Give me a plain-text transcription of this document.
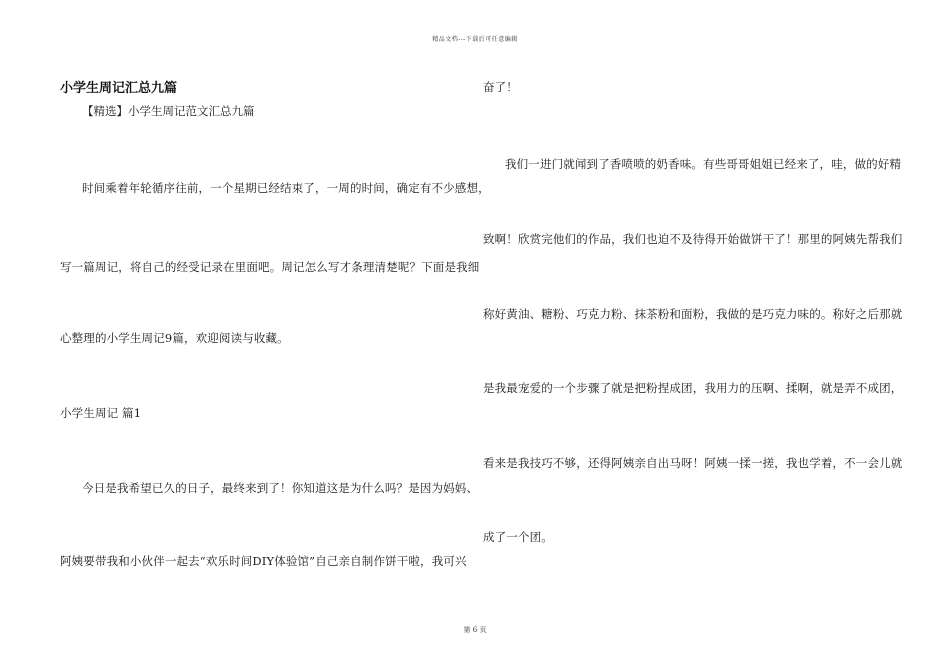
精品文档---下载后可任意编辑
小学生周记汇总九篇
【精选】小学生周记范文汇总九篇
时间乘着年轮循序往前，一个星期已经结束了，一周的时间，确定有不少感想，
写一篇周记，将自己的经受记录在里面吧。周记怎么写才条理清楚呢？下面是我细
心整理的小学生周记9篇，欢迎阅读与收藏。
小学生周记 篇1
今日是我希望已久的日子，最终来到了！你知道这是为什么吗？是因为妈妈、
阿姨要带我和小伙伴一起去“欢乐时间DIY体验馆”自己亲自制作饼干啦，我可兴
奋了！
我们一进门就闻到了香喷喷的奶香味。有些哥哥姐姐已经来了，哇，做的好精
致啊！欣赏完他们的作品，我们也迫不及待得开始做饼干了！那里的阿姨先帮我们
称好黄油、糖粉、巧克力粉、抹茶粉和面粉，我做的是巧克力味的。称好之后那就
是我最宠爱的一个步骤了就是把粉捏成团，我用力的压啊、揉啊，就是弄不成团，
看来是我技巧不够，还得阿姨亲自出马呀！阿姨一揉一搓，我也学着，不一会儿就
成了一个团。
第 6 页
